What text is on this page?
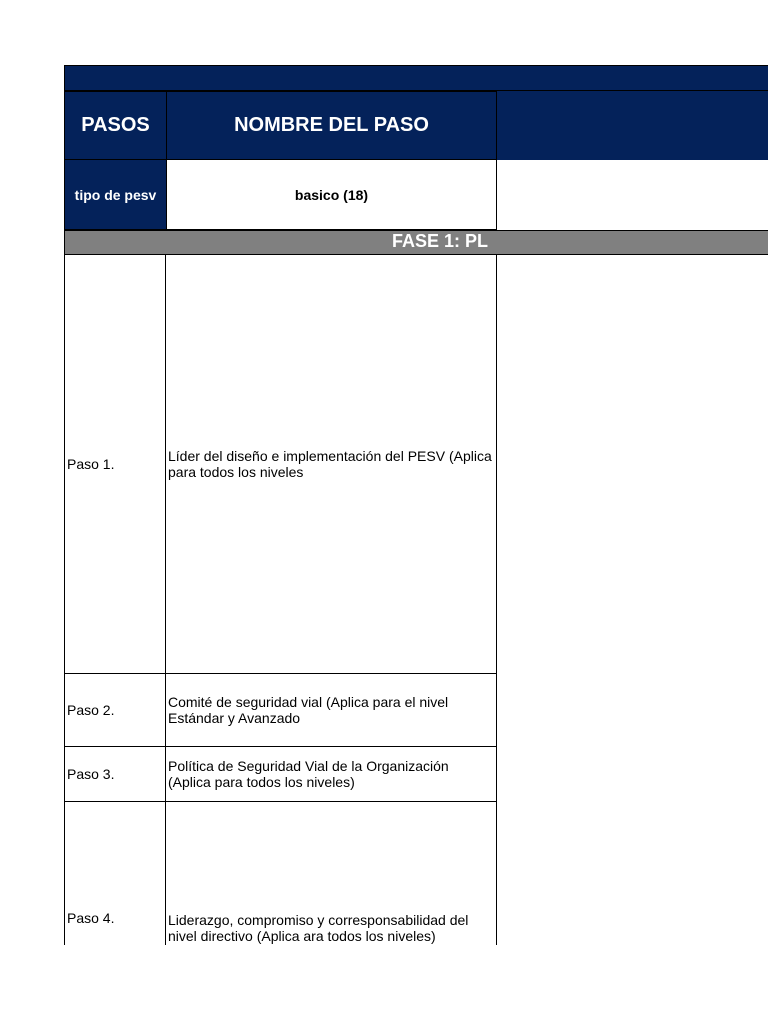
PASOS	NOMBRE DEL PASO
tipo de pesv	basico (18)
FASE 1: PL
Paso 1.	Líder del diseño e implementación del PESV (Aplica para todos los niveles
Paso 2.	Comité de seguridad vial (Aplica para el nivel Estándar y Avanzado
Paso 3.	Política de Seguridad Vial de la Organización (Aplica para todos los niveles)
Paso 4.	Liderazgo, compromiso y corresponsabilidad del nivel directivo (Aplica ara todos los niveles)
